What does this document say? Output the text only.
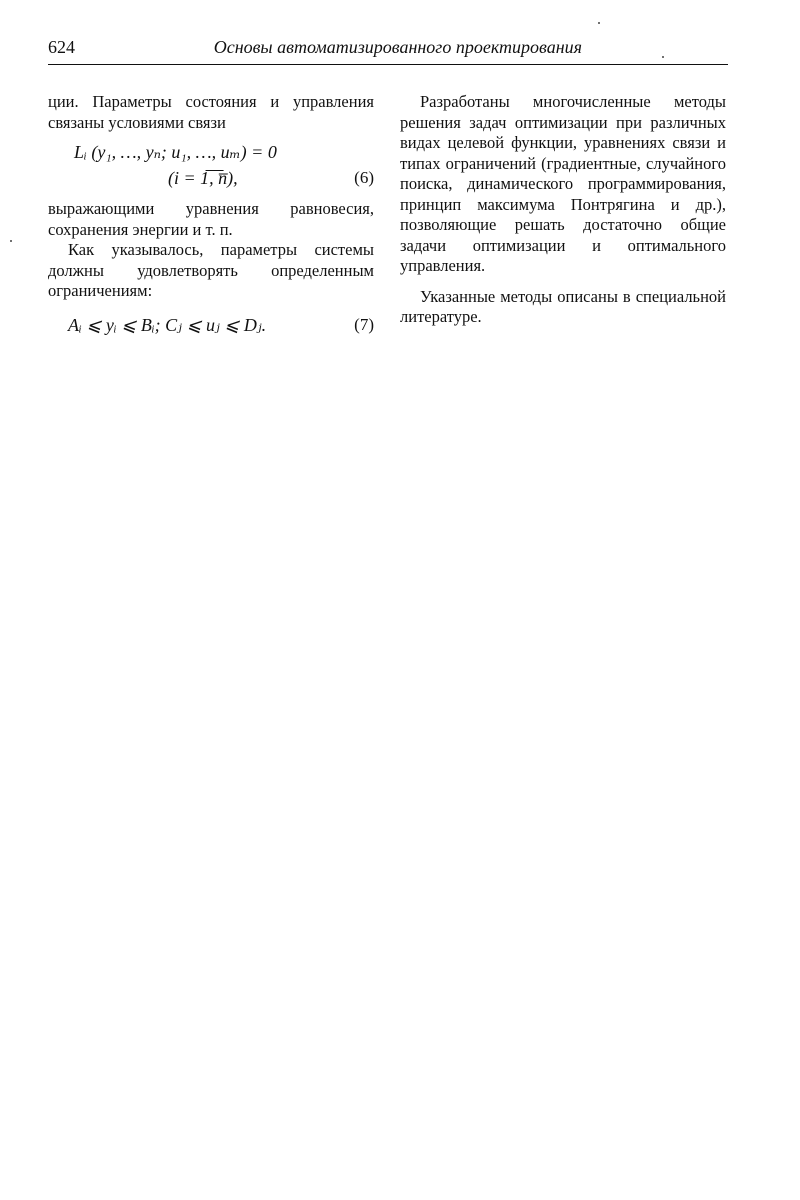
624	Основы автоматизированного проектирования

ции. Параметры состояния и управления связаны условиями связи

Lᵢ (y₁, …, yₙ; u₁, …, uₘ) = 0
(i = 1̅,̅ ̅n̅),	(6)

выражающими уравнения равновесия, сохранения энергии и т. п.

Как указывалось, параметры системы должны удовлетворять определенным ограничениям:

Aᵢ ⩽ yᵢ ⩽ Bᵢ; Cⱼ ⩽ uⱼ ⩽ Dⱼ.	(7)

Разработаны многочисленные методы решения задач оптимизации при различных видах целевой функции, уравнениях связи и типах ограничений (градиентные, случайного поиска, динамического программирования, принцип максимума Понтрягина и др.), позволяющие решать достаточно общие задачи оптимизации и оптимального управления.

Указанные методы описаны в специальной литературе.
